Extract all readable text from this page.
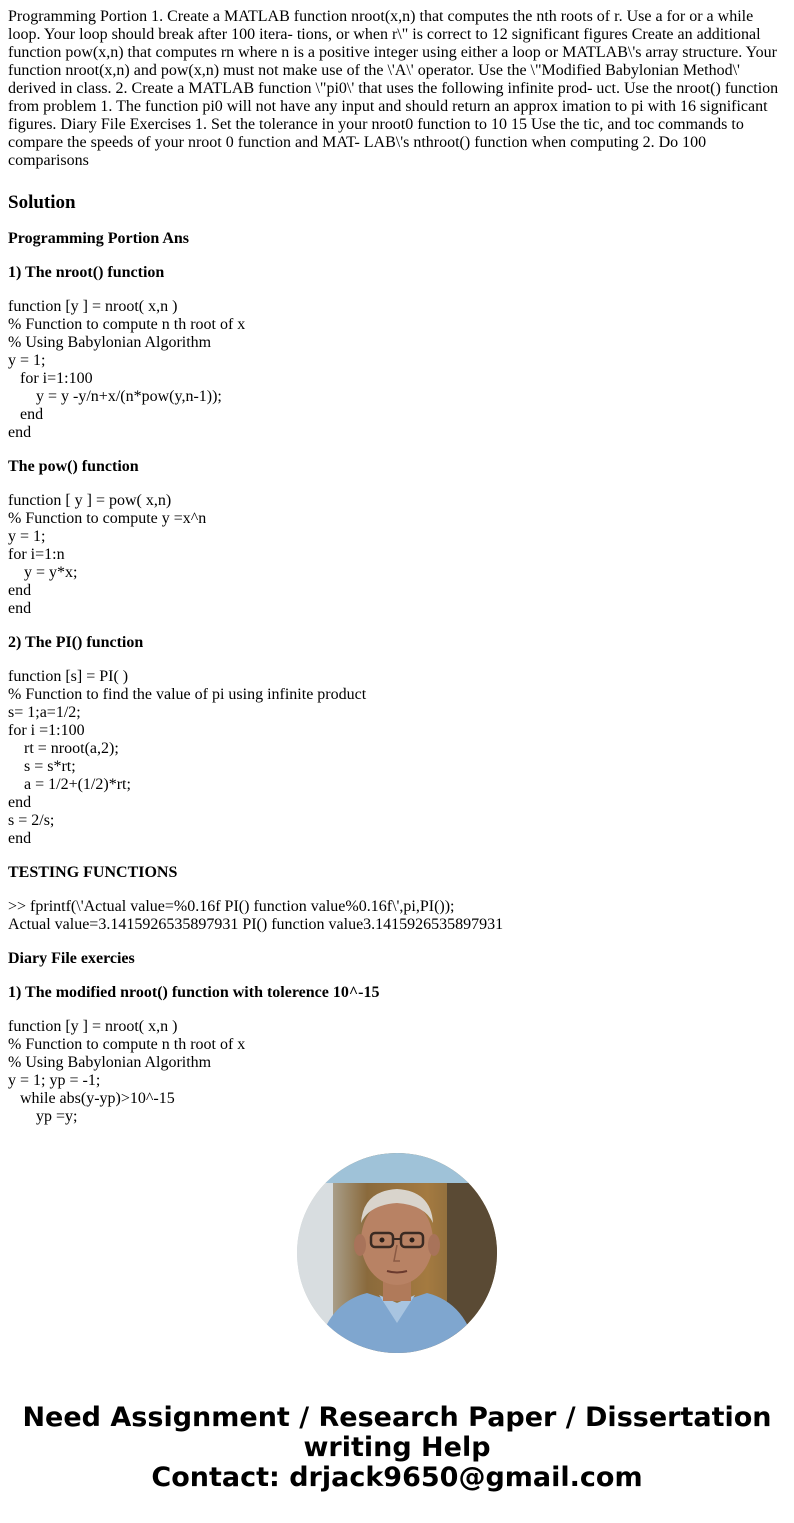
Programming Portion 1. Create a MATLAB function nroot(x,n) that computes the nth roots of r. Use a for or a while loop. Your loop should break after 100 itera- tions, or when r\" is correct to 12 significant figures Create an additional function pow(x,n) that computes rn where n is a positive integer using either a loop or MATLAB\'s array structure. Your function nroot(x,n) and pow(x,n) must not make use of the \'A\' operator. Use the \"Modified Babylonian Method\' derived in class. 2. Create a MATLAB function \"pi0\' that uses the following infinite prod- uct. Use the nroot() function from problem 1. The function pi0 will not have any input and should return an approx imation to pi with 16 significant figures. Diary File Exercises 1. Set the tolerance in your nroot0 function to 10 15 Use the tic, and toc commands to compare the speeds of your nroot 0 function and MAT- LAB\'s nthroot() function when computing 2. Do 100 comparisons

Solution
Programming Portion Ans
1) The nroot() function
function [y ] = nroot( x,n )
% Function to compute n th root of x
% Using Babylonian Algorithm
y = 1;
for i=1:100
y = y -y/n+x/(n*pow(y,n-1));
end
end
The pow() function
function [ y ] = pow( x,n)
% Function to compute y =x^n
y = 1;
for i=1:n
y = y*x;
end
end
2) The PI() function
function [s] = PI( )
% Function to find the value of pi using infinite product
s= 1;a=1/2;
for i =1:100
rt = nroot(a,2);
s = s*rt;
a = 1/2+(1/2)*rt;
end
s = 2/s;
end
TESTING FUNCTIONS
>> fprintf(\'Actual value=%0.16f PI() function value%0.16f\',pi,PI());
Actual value=3.1415926535897931 PI() function value3.1415926535897931
Diary File exercies
1) The modified nroot() function with tolerence 10^-15
function [y ] = nroot( x,n )
% Function to compute n th root of x
% Using Babylonian Algorithm
y = 1; yp = -1;
while abs(y-yp)>10^-15
yp =y;
Need Assignment / Research Paper / Dissertation
writing Help
Contact: drjack9650@gmail.com
